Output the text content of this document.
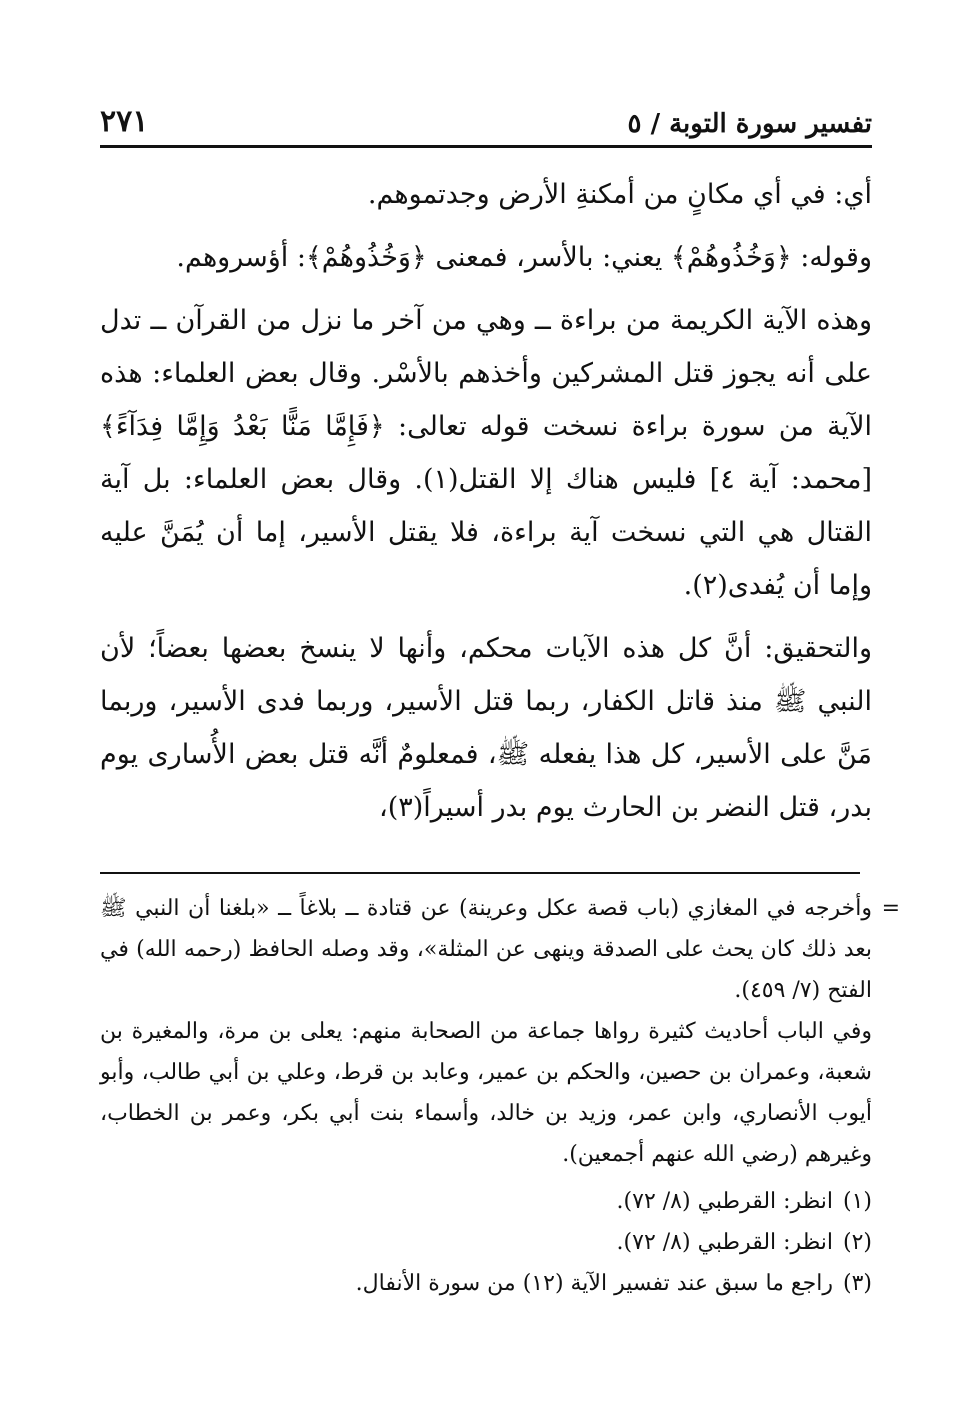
تفسير سورة التوبة / ٥
٢٧١

أي: في أي مكانٍ من أمكنةِ الأرض وجدتموهم.

وقوله: ﴿وَخُذُوهُمْ﴾ يعني: بالأسر، فمعنى ﴿وَخُذُوهُمْ﴾: أؤسروهم.

وهذه الآية الكريمة من براءة ــ وهي من آخر ما نزل من القرآن ــ تدل على أنه يجوز قتل المشركين وأخذهم بالأسْر. وقال بعض العلماء: هذه الآية من سورة براءة نسخت قوله تعالى: ﴿فَإِمَّا مَنًّا بَعْدُ وَإِمَّا فِدَآءً﴾ [محمد: آية ٤] فليس هناك إلا القتل(١). وقال بعض العلماء: بل آية القتال هي التي نسخت آية براءة، فلا يقتل الأسير، إما أن يُمَنَّ عليه وإما أن يُفدى(٢).

والتحقيق: أنَّ كل هذه الآيات محكم، وأنها لا ينسخ بعضها بعضاً؛ لأن النبي ﷺ منذ قاتل الكفار، ربما قتل الأسير، وربما فدى الأسير، وربما مَنَّ على الأسير، كل هذا يفعله ﷺ، فمعلومٌ أنَّه قتل بعض الأُسارى يوم بدر، قتل النضر بن الحارث يوم بدر أسيراً(٣)،

=

وأخرجه في المغازي (باب قصة عكل وعرينة) عن قتادة ــ بلاغاً ــ «بلغنا أن النبي ﷺ بعد ذلك كان يحث على الصدقة وينهى عن المثلة»، وقد وصله الحافظ (رحمه الله) في الفتح (٧/ ٤٥٩).

وفي الباب أحاديث كثيرة رواها جماعة من الصحابة منهم: يعلى بن مرة، والمغيرة بن شعبة، وعمران بن حصين، والحكم بن عمير، وعابد بن قرط، وعلي بن أبي طالب، وأبو أيوب الأنصاري، وابن عمر، وزيد بن خالد، وأسماء بنت أبي بكر، وعمر بن الخطاب، وغيرهم (رضي الله عنهم أجمعين).

(١)
انظر: القرطبي (٨/ ٧٢).
(٢)
انظر: القرطبي (٨/ ٧٢).
(٣)
راجع ما سبق عند تفسير الآية (١٢) من سورة الأنفال.
